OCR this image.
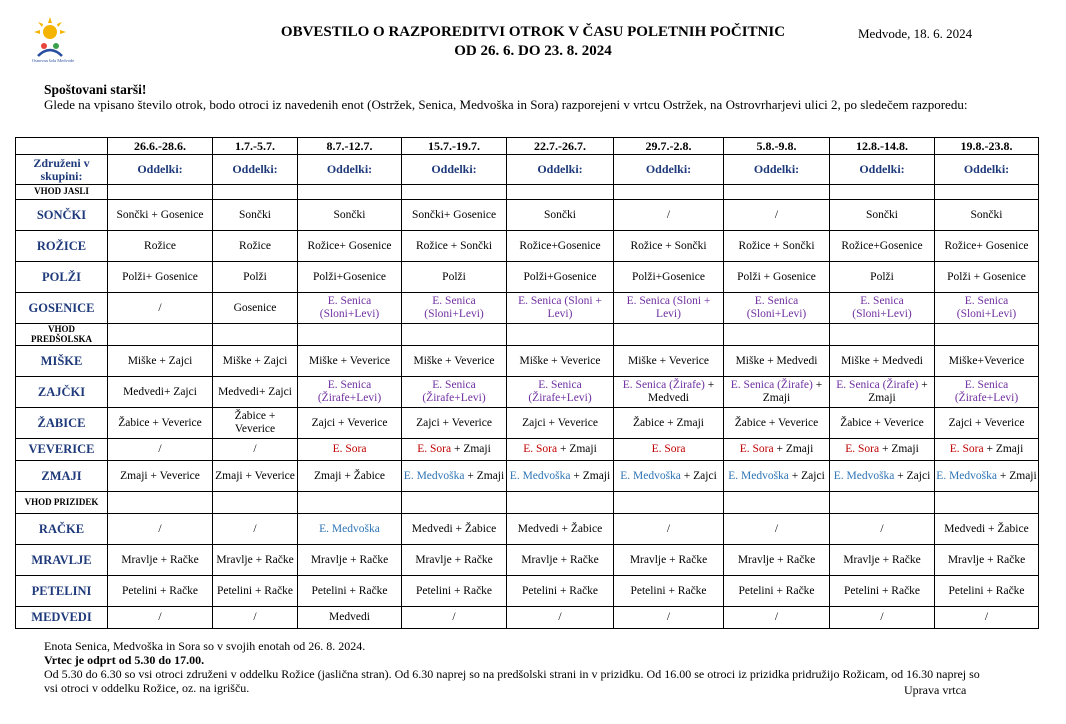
Osnovna šola Medvode
OBVESTILO O RAZPOREDITVI OTROK V ČASU POLETNIH POČITNIC
OD 26. 6. DO 23. 8. 2024
Medvode, 18. 6. 2024
Spoštovani starši!
Glede na vpisano število otrok, bodo otroci iz navedenih enot (Ostržek, Senica, Medvoška in Sora) razporejeni v vrtcu Ostržek, na Ostrovrharjevi ulici 2, po sledečem razporedu:
	26.6.-28.6.	1.7.-5.7.	8.7.-12.7.	15.7.-19.7.	22.7.-26.7.	29.7.-2.8.	5.8.-9.8.	12.8.-14.8.	19.8.-23.8.
Združeni v skupini:	Oddelki:	Oddelki:	Oddelki:	Oddelki:	Oddelki:	Oddelki:	Oddelki:	Oddelki:	Oddelki:
VHOD JASLI									
SONČKI	Sončki + Gosenice	Sončki	Sončki	Sončki+ Gosenice	Sončki	/	/	Sončki	Sončki
ROŽICE	Rožice	Rožice	Rožice+ Gosenice	Rožice + Sončki	Rožice+Gosenice	Rožice + Sončki	Rožice + Sončki	Rožice+Gosenice	Rožice+ Gosenice
POLŽI	Polži+ Gosenice	Polži	Polži+Gosenice	Polži	Polži+Gosenice	Polži+Gosenice	Polži + Gosenice	Polži	Polži + Gosenice
GOSENICE	/	Gosenice	E. Senica (Sloni+Levi)	E. Senica (Sloni+Levi)	E. Senica (Sloni + Levi)	E. Senica (Sloni + Levi)	E. Senica (Sloni+Levi)	E. Senica (Sloni+Levi)	E. Senica (Sloni+Levi)
VHOD PREDŠOLSKA									
MIŠKE	Miške + Zajci	Miške + Zajci	Miške + Veverice	Miške + Veverice	Miške + Veverice	Miške + Veverice	Miške + Medvedi	Miške + Medvedi	Miške+Veverice
ZAJČKI	Medvedi+ Zajci	Medvedi+ Zajci	E. Senica (Žirafe+Levi)	E. Senica (Žirafe+Levi)	E. Senica (Žirafe+Levi)	E. Senica (Žirafe) + Medvedi	E. Senica (Žirafe) + Zmaji	E. Senica (Žirafe) + Zmaji	E. Senica (Žirafe+Levi)
ŽABICE	Žabice + Veverice	Žabice + Veverice	Zajci + Veverice	Zajci + Veverice	Zajci + Veverice	Žabice + Zmaji	Žabice + Veverice	Žabice + Veverice	Zajci + Veverice
VEVERICE	/	/	E. Sora	E. Sora + Zmaji	E. Sora + Zmaji	E. Sora	E. Sora + Zmaji	E. Sora + Zmaji	E. Sora + Zmaji
ZMAJI	Zmaji + Veverice	Zmaji + Veverice	Zmaji + Žabice	E. Medvoška + Zmaji	E. Medvoška + Zmaji	E. Medvoška + Zajci	E. Medvoška + Zajci	E. Medvoška + Zajci	E. Medvoška + Zmaji
VHOD PRIZIDEK									
RAČKE	/	/	E. Medvoška	Medvedi + Žabice	Medvedi + Žabice	/	/	/	Medvedi + Žabice
MRAVLJE	Mravlje + Račke	Mravlje + Račke	Mravlje + Račke	Mravlje + Račke	Mravlje + Račke	Mravlje + Račke	Mravlje + Račke	Mravlje + Račke	Mravlje + Račke
PETELINI	Petelini + Račke	Petelini + Račke	Petelini + Račke	Petelini + Račke	Petelini + Račke	Petelini + Račke	Petelini + Račke	Petelini + Račke	Petelini + Račke
MEDVEDI	/	/	Medvedi	/	/	/	/	/	/
Enota Senica, Medvoška in Sora so v svojih enotah od 26. 8. 2024.
Vrtec je odprt od 5.30 do 17.00.
Od 5.30 do 6.30 so vsi otroci združeni v oddelku Rožice (jaslična stran). Od 6.30 naprej so na predšolski strani in v prizidku. Od 16.00 se otroci iz prizidka pridružijo Rožicam, od 16.30 naprej so vsi otroci v oddelku Rožice, oz. na igrišču.	Uprava vrtca
